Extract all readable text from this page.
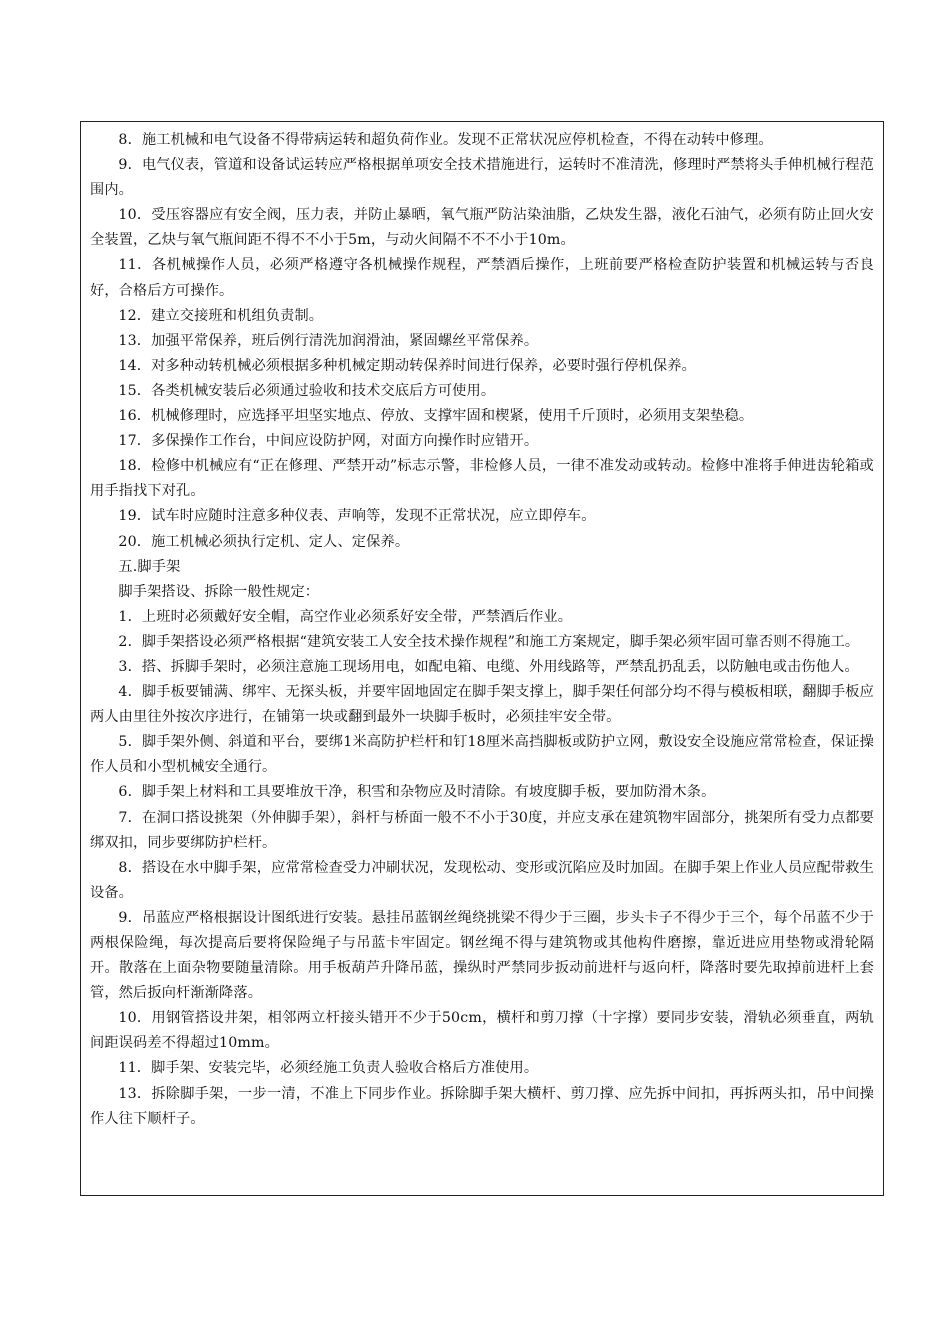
8．施工机械和电气设备不得带病运转和超负荷作业。发现不正常状况应停机检查，不得在动转中修理。

9．电气仪表，管道和设备试运转应严格根据单项安全技术措施进行，运转时不准清洗，修理时严禁将头手伸机械行程范围内。

10．受压容器应有安全阀，压力表，并防止暴晒，氧气瓶严防沾染油脂，乙炔发生器，液化石油气，必须有防止回火安全装置，乙炔与氧气瓶间距不得不不小于5m，与动火间隔不不不小于10m。

11．各机械操作人员，必须严格遵守各机械操作规程，严禁酒后操作，上班前要严格检查防护装置和机械运转与否良好，合格后方可操作。

12．建立交接班和机组负责制。

13．加强平常保养，班后例行清洗加润滑油，紧固螺丝平常保养。

14．对多种动转机械必须根据多种机械定期动转保养时间进行保养，必要时强行停机保养。

15．各类机械安装后必须通过验收和技术交底后方可使用。

16．机械修理时，应选择平坦坚实地点、停放、支撑牢固和楔紧，使用千斤顶时，必须用支架垫稳。

17．多保操作工作台，中间应设防护网，对面方向操作时应错开。

18．检修中机械应有“正在修理、严禁开动”标志示警，非检修人员，一律不准发动或转动。检修中准将手伸进齿轮箱或用手指找下对孔。

19．试车时应随时注意多种仪表、声响等，发现不正常状况，应立即停车。

20．施工机械必须执行定机、定人、定保养。

五.脚手架

脚手架搭设、拆除一般性规定：

1．上班时必须戴好安全帽，高空作业必须系好安全带，严禁酒后作业。

2．脚手架搭设必须严格根据“建筑安装工人安全技术操作规程”和施工方案规定，脚手架必须牢固可靠否则不得施工。

3．搭、拆脚手架时，必须注意施工现场用电，如配电箱、电缆、外用线路等，严禁乱扔乱丢，以防触电或击伤他人。

4．脚手板要铺满、绑牢、无探头板，并要牢固地固定在脚手架支撑上，脚手架任何部分均不得与模板相联，翻脚手板应两人由里往外按次序进行，在铺第一块或翻到最外一块脚手板时，必须挂牢安全带。

5．脚手架外侧、斜道和平台，要绑1米高防护栏杆和钉18厘米高挡脚板或防护立网，敷设安全设施应常常检查，保证操作人员和小型机械安全通行。

6．脚手架上材料和工具要堆放干净，积雪和杂物应及时清除。有坡度脚手板，要加防滑木条。

7．在洞口搭设挑架（外伸脚手架），斜杆与桥面一般不不小于30度，并应支承在建筑物牢固部分，挑架所有受力点都要绑双扣，同步要绑防护栏杆。

8．搭设在水中脚手架，应常常检查受力冲刷状况，发现松动、变形或沉陷应及时加固。在脚手架上作业人员应配带救生设备。

9．吊蓝应严格根据设计图纸进行安装。悬挂吊蓝钢丝绳绕挑梁不得少于三圈，步头卡子不得少于三个，每个吊蓝不少于两根保险绳，每次提高后要将保险绳子与吊蓝卡牢固定。钢丝绳不得与建筑物或其他构件磨擦，靠近进应用垫物或滑轮隔开。散落在上面杂物要随量清除。用手板葫芦升降吊蓝，操纵时严禁同步扳动前进杆与返向杆，降落时要先取掉前进杆上套管，然后扳向杆渐渐降落。

10．用钢管搭设井架，相邻两立杆接头错开不少于50cm，横杆和剪刀撑（十字撑）要同步安装，滑轨必须垂直，两轨间距误码差不得超过10mm。

11．脚手架、安装完毕，必须经施工负责人验收合格后方准使用。

13．拆除脚手架，一步一清，不准上下同步作业。拆除脚手架大横杆、剪刀撑、应先拆中间扣，再拆两头扣，吊中间操作人往下顺杆子。
